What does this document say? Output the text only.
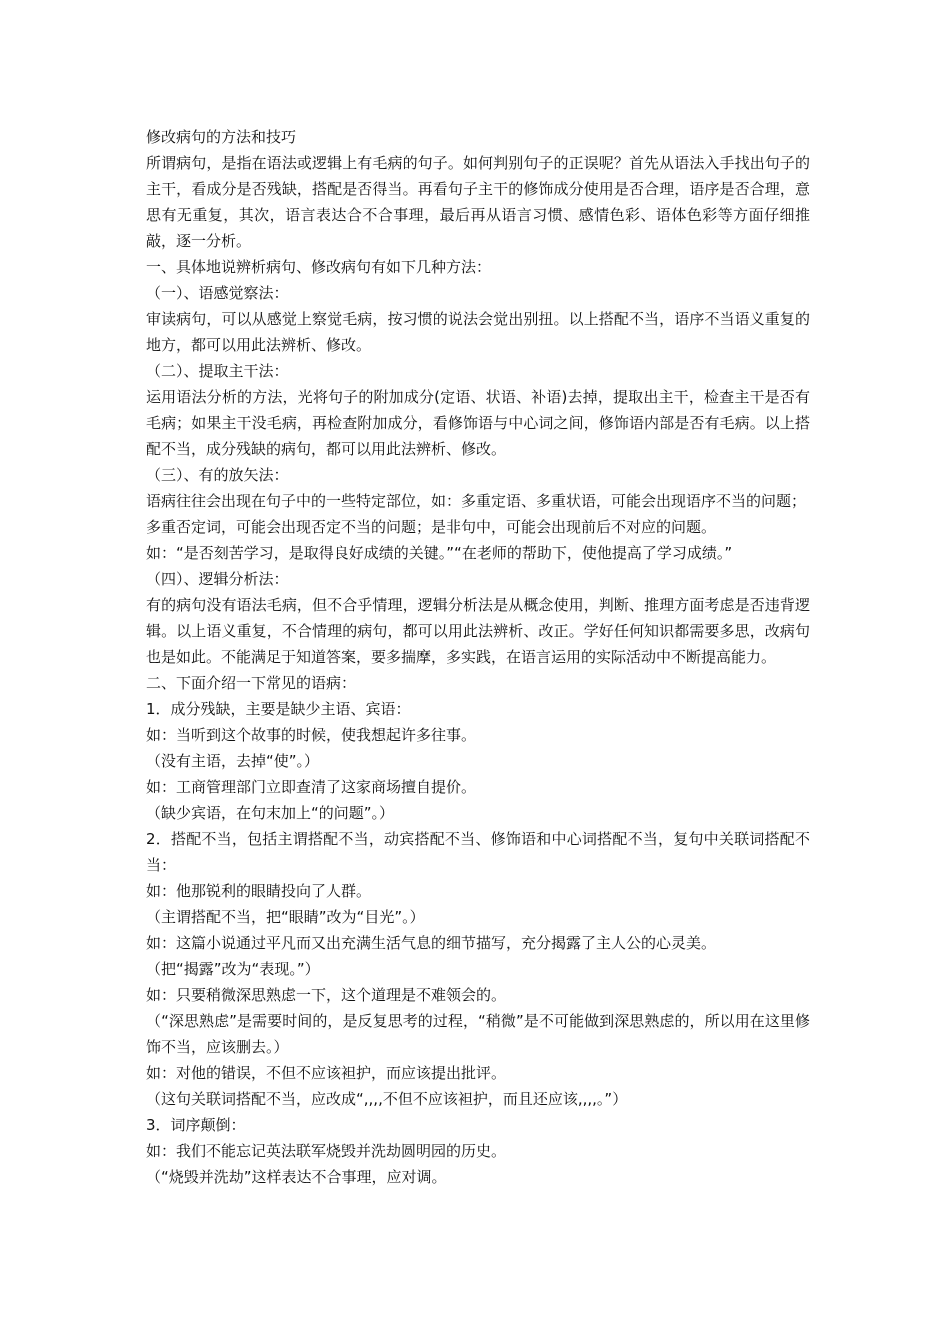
修改病句的方法和技巧

所谓病句，是指在语法或逻辑上有毛病的句子。如何判别句子的正误呢？首先从语法入手找出句子的主干，看成分是否残缺，搭配是否得当。再看句子主干的修饰成分使用是否合理，语序是否合理，意思有无重复，其次，语言表达合不合事理，最后再从语言习惯、感情色彩、语体色彩等方面仔细推敲，逐一分析。

一、具体地说辨析病句、修改病句有如下几种方法：

（一）、语感觉察法：

审读病句，可以从感觉上察觉毛病，按习惯的说法会觉出别扭。以上搭配不当，语序不当语义重复的地方，都可以用此法辨析、修改。

（二）、提取主干法：

运用语法分析的方法，光将句子的附加成分(定语、状语、补语)去掉，提取出主干，检查主干是否有毛病；如果主干没毛病，再检查附加成分，看修饰语与中心词之间，修饰语内部是否有毛病。以上搭配不当，成分残缺的病句，都可以用此法辨析、修改。

（三）、有的放矢法：

语病往往会出现在句子中的一些特定部位，如：多重定语、多重状语，可能会出现语序不当的问题；

多重否定词，可能会出现否定不当的问题；是非句中，可能会出现前后不对应的问题。

如：“是否刻苦学习，是取得良好成绩的关键。”“在老师的帮助下，使他提高了学习成绩。”

（四）、逻辑分析法：

有的病句没有语法毛病，但不合乎情理，逻辑分析法是从概念使用，判断、推理方面考虑是否违背逻辑。以上语义重复，不合情理的病句，都可以用此法辨析、改正。学好任何知识都需要多思，改病句也是如此。不能满足于知道答案，要多揣摩，多实践，在语言运用的实际活动中不断提高能力。

二、下面介绍一下常见的语病：

1．成分残缺，主要是缺少主语、宾语：

如：当听到这个故事的时候，使我想起许多往事。

（没有主语，去掉“使”。）

如：工商管理部门立即查清了这家商场擅自提价。

（缺少宾语，在句末加上“的问题”。）

2．搭配不当，包括主谓搭配不当，动宾搭配不当、修饰语和中心词搭配不当，复句中关联词搭配不当：

如：他那锐利的眼睛投向了人群。

（主谓搭配不当，把“眼睛”改为“目光”。）

如：这篇小说通过平凡而又出充满生活气息的细节描写，充分揭露了主人公的心灵美。

（把“揭露”改为“表现。”）

如：只要稍微深思熟虑一下，这个道理是不难领会的。

（“深思熟虑”是需要时间的，是反复思考的过程，“稍微”是不可能做到深思熟虑的，所以用在这里修饰不当，应该删去。）

如：对他的错误，不但不应该袒护，而应该提出批评。

（这句关联词搭配不当，应改成“,,,,不但不应该袒护，而且还应该,,,,。”）

3．词序颠倒：

如：我们不能忘记英法联军烧毁并洗劫圆明园的历史。

（“烧毁并洗劫”这样表达不合事理，应对调。
